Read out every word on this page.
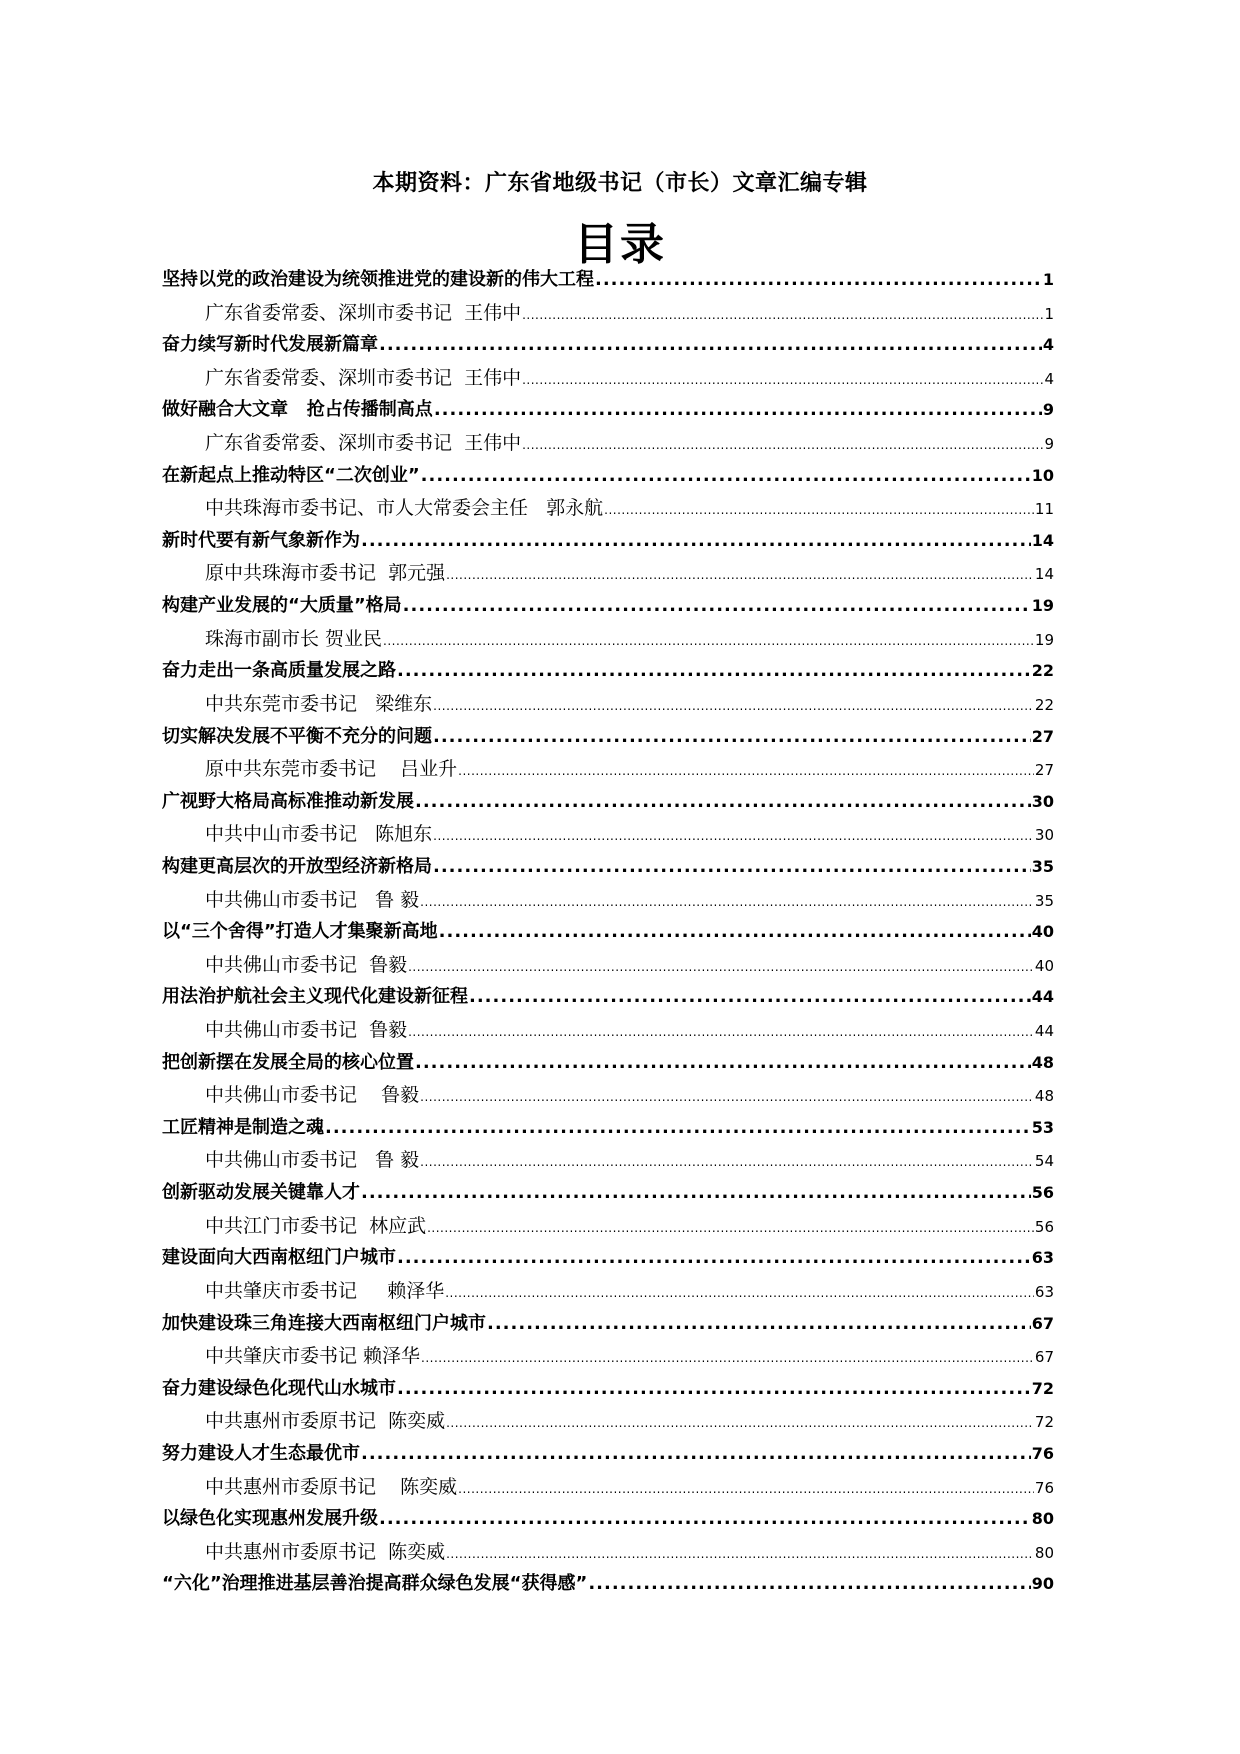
本期资料：广东省地级书记（市长）文章汇编专辑
目录
坚持以党的政治建设为统领推进党的建设新的伟大工程 .....	1
广东省委常委、深圳市委书记  王伟中 .....	1
奋力续写新时代发展新篇章 .....	4
广东省委常委、深圳市委书记  王伟中 .....	4
做好融合大文章   抢占传播制高点 .....	9
广东省委常委、深圳市委书记  王伟中 .....	9
在新起点上推动特区“二次创业” .....	10
中共珠海市委书记、市人大常委会主任   郭永航 .....	11
新时代要有新气象新作为 .....	14
原中共珠海市委书记  郭元强 .....	14
构建产业发展的“大质量”格局 .....	19
珠海市副市长 贺业民 .....	19
奋力走出一条高质量发展之路 .....	22
中共东莞市委书记   梁维东 .....	22
切实解决发展不平衡不充分的问题 .....	27
原中共东莞市委书记    吕业升 .....	27
广视野大格局高标准推动新发展 .....	30
中共中山市委书记   陈旭东 .....	30
构建更高层次的开放型经济新格局 .....	35
中共佛山市委书记   鲁 毅 .....	35
以“三个舍得”打造人才集聚新高地 .....	40
中共佛山市委书记  鲁毅 .....	40
用法治护航社会主义现代化建设新征程 .....	44
中共佛山市委书记  鲁毅 .....	44
把创新摆在发展全局的核心位置 .....	48
中共佛山市委书记    鲁毅 .....	48
工匠精神是制造之魂 .....	53
中共佛山市委书记   鲁 毅 .....	54
创新驱动发展关键靠人才 .....	56
中共江门市委书记  林应武 .....	56
建设面向大西南枢纽门户城市 .....	63
中共肇庆市委书记     赖泽华 .....	63
加快建设珠三角连接大西南枢纽门户城市 .....	67
中共肇庆市委书记 赖泽华 .....	67
奋力建设绿色化现代山水城市 .....	72
中共惠州市委原书记  陈奕威 .....	72
努力建设人才生态最优市 .....	76
中共惠州市委原书记    陈奕威 .....	76
以绿色化实现惠州发展升级 .....	80
中共惠州市委原书记  陈奕威 .....	80
“六化”治理推进基层善治提高群众绿色发展“获得感” .....	90
